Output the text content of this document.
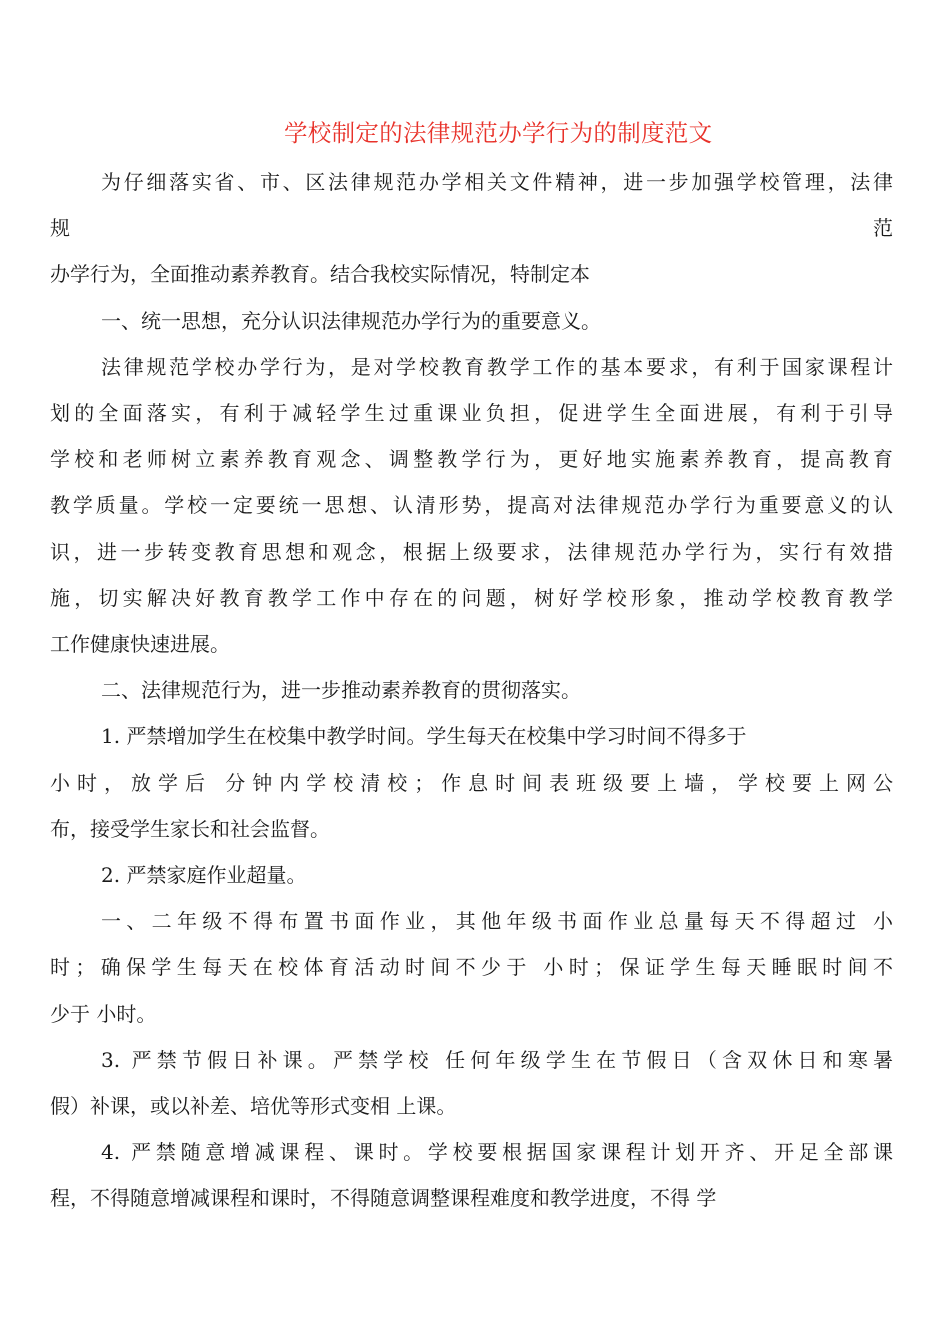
学校制定的法律规范办学行为的制度范文
为仔细落实省、市、区法律规范办学相关文件精神，进一步加强学校管理，法律
规	范
办学行为，全面推动素养教育。结合我校实际情况，特制定本
一、统一思想，充分认识法律规范办学行为的重要意义。
法律规范学校办学行为，是对学校教育教学工作的基本要求，有利于国家课程计
划的全面落实，有利于减轻学生过重课业负担，促进学生全面进展，有利于引导
学校和老师树立素养教育观念、调整教学行为，更好地实施素养教育，提高教育
教学质量。学校一定要统一思想、认清形势，提高对法律规范办学行为重要意义的认
识，进一步转变教育思想和观念，根据上级要求，法律规范办学行为，实行有效措
施，切实解决好教育教学工作中存在的问题，树好学校形象，推动学校教育教学
工作健康快速进展。
二、法律规范行为，进一步推动素养教育的贯彻落实。
1. 严禁增加学生在校集中教学时间。学生每天在校集中学习时间不得多于
小时，放学后 分钟内学校清校；作息时间表班级要上墙，学校要上网公
布，接受学生家长和社会监督。
2. 严禁家庭作业超量。
一、二年级不得布置书面作业，其他年级书面作业总量每天不得超过 小
时；确保学生每天在校体育活动时间不少于 小时；保证学生每天睡眠时间不
少于 小时。
3. 严禁节假日补课。严禁学校 任何年级学生在节假日（含双休日和寒暑
假）补课，或以补差、培优等形式变相 上课。
4. 严禁随意增减课程、课时。学校要根据国家课程计划开齐、开足全部课
程，不得随意增减课程和课时，不得随意调整课程难度和教学进度，不得 学
